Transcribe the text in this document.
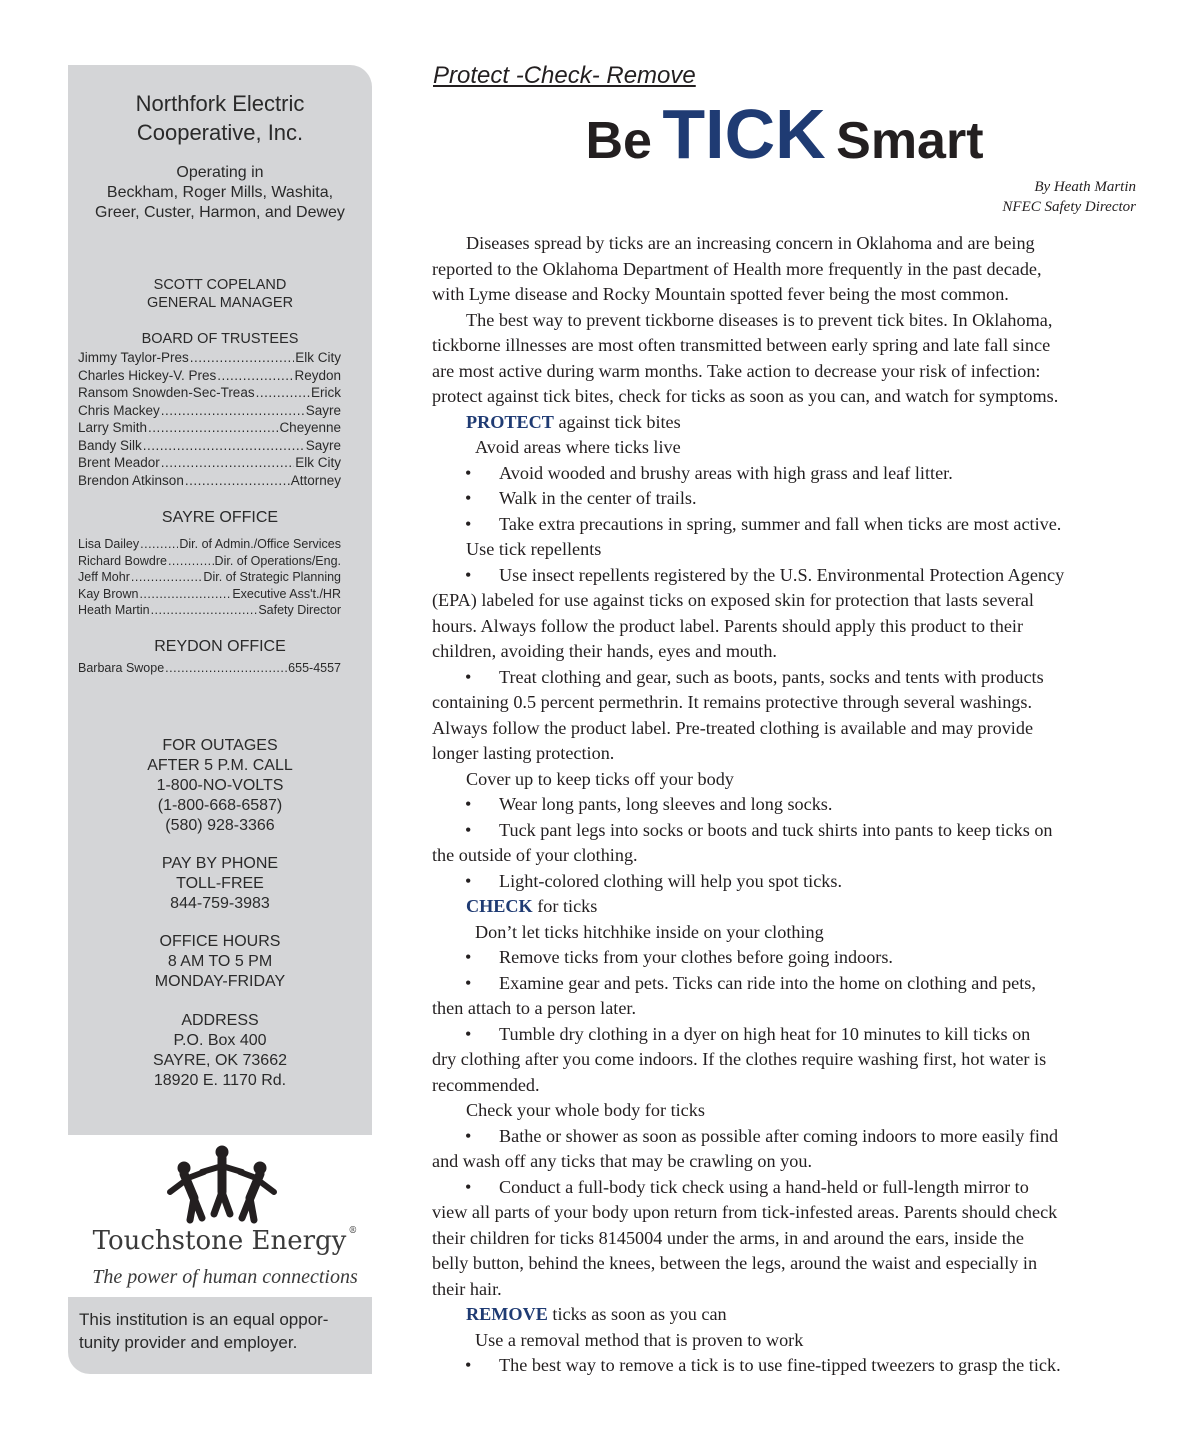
Northfork Electric
Cooperative, Inc.
Operating in
Beckham, Roger Mills, Washita,
Greer, Custer, Harmon, and Dewey
SCOTT COPELAND
GENERAL MANAGER
BOARD OF TRUSTEES
Jimmy Taylor-Pres .....	Elk City
Charles Hickey-V. Pres .....	Reydon
Ransom Snowden-Sec-Treas .....	Erick
Chris Mackey .....	Sayre
Larry Smith .....	Cheyenne
Bandy Silk .....	Sayre
Brent Meador .....	Elk City
Brendon Atkinson .....	Attorney
SAYRE OFFICE
Lisa Dailey .....	Dir. of Admin./Office Services
Richard Bowdre .....	Dir. of Operations/Eng.
Jeff Mohr .....	Dir. of Strategic Planning
Kay Brown .....	Executive Ass't./HR
Heath Martin .....	Safety Director
REYDON OFFICE
Barbara Swope .....	655-4557
FOR OUTAGES
AFTER 5 P.M. CALL
1-800-NO-VOLTS
(1-800-668-6587)
(580) 928-3366
PAY BY PHONE
TOLL-FREE
844-759-3983
OFFICE HOURS
8 AM TO 5 PM
MONDAY-FRIDAY
ADDRESS
P.O. Box 400
SAYRE, OK 73662
18920 E. 1170 Rd.
Touchstone Energy ®
The power of human connections
This institution is an equal oppor-
tunity provider and employer.
Protect -Check- Remove
Be TICK Smart
By Heath Martin
NFEC Safety Director
Diseases spread by ticks are an increasing concern in Oklahoma and are being
reported to the Oklahoma Department of Health more frequently in the past decade,
with Lyme disease and Rocky Mountain spotted fever being the most common.
The best way to prevent tickborne diseases is to prevent tick bites. In Oklahoma,
tickborne illnesses are most often transmitted between early spring and late fall since
are most active during warm months. Take action to decrease your risk of infection:
protect against tick bites, check for ticks as soon as you can, and watch for symptoms.
PROTECT against tick bites
Avoid areas where ticks live
• Avoid wooded and brushy areas with high grass and leaf litter.
• Walk in the center of trails.
• Take extra precautions in spring, summer and fall when ticks are most active.
Use tick repellents
• Use insect repellents registered by the U.S. Environmental Protection Agency
(EPA) labeled for use against ticks on exposed skin for protection that lasts several
hours. Always follow the product label. Parents should apply this product to their
children, avoiding their hands, eyes and mouth.
• Treat clothing and gear, such as boots, pants, socks and tents with products
containing 0.5 percent permethrin. It remains protective through several washings.
Always follow the product label. Pre-treated clothing is available and may provide
longer lasting protection.
Cover up to keep ticks off your body
• Wear long pants, long sleeves and long socks.
• Tuck pant legs into socks or boots and tuck shirts into pants to keep ticks on
the outside of your clothing.
• Light-colored clothing will help you spot ticks.
CHECK for ticks
Don’t let ticks hitchhike inside on your clothing
• Remove ticks from your clothes before going indoors.
• Examine gear and pets. Ticks can ride into the home on clothing and pets,
then attach to a person later.
• Tumble dry clothing in a dyer on high heat for 10 minutes to kill ticks on
dry clothing after you come indoors. If the clothes require washing first, hot water is
recommended.
Check your whole body for ticks
• Bathe or shower as soon as possible after coming indoors to more easily find
and wash off any ticks that may be crawling on you.
• Conduct a full-body tick check using a hand-held or full-length mirror to
view all parts of your body upon return from tick-infested areas. Parents should check
their children for ticks 8145004 under the arms, in and around the ears, inside the
belly button, behind the knees, between the legs, around the waist and especially in
their hair.
REMOVE ticks as soon as you can
Use a removal method that is proven to work
• The best way to remove a tick is to use fine-tipped tweezers to grasp the tick.
